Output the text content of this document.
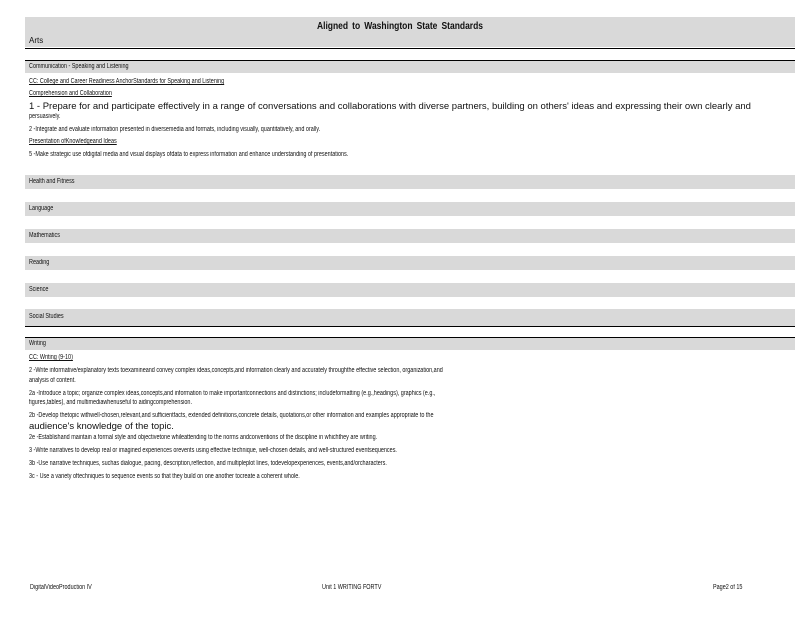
Aligned to Washington State Standards
Arts
Communication - Speaking and Listening
CC: College and Career Readiness AnchorStandards for Speaking and Listening
Comprehension and Collaboration
1 - Prepare for and participate effectively in a range of conversations and collaborations with diverse partners, building on others' ideas and expressing their own clearly and
persuasively.
2 -Integrate and evaluate information presented in diversemedia and formats, including visually, quantitatively, and orally.
Presentation ofKnowledgeand Ideas
5 -Make strategic use ofdigital media and visual displays ofdata to express information and enhance understanding of presentations.
Health and Fitness
Language
Mathematics
Reading
Science
Social Studies
Writing
CC: Writing (9-10)
2 -Write informative/explanatory texts toexamineand convey complex ideas,concepts,and information clearly and accurately throughthe effective selection, organization,and
analysis of content.
2a -Introduce a topic; organize complex ideas,concepts,and information to make importantconnections and distinctions; includeformatting (e.g.,headings), graphics (e.g.,
figures,tables), and multimediawhenuseful to aidingcomprehension.
2b -Develop thetopic withwell-chosen,relevant,and sufficientfacts, extended definitions,concrete details, quotations,or other information and examples appropriate to the
audience's knowledge of the topic.
2e -Establishand maintain a formal style and objectivetone whileattending to the norms andconventions of the discipline in whichthey are writing.
3 -Write narratives to develop real or imagined experiences orevents using effective technique, well-chosen details, and well-structured eventsequences.
3b -Use narrative techniques, suchas dialogue, pacing, description,reflection, and multipleplot lines, todevelopexperiences, events,and/orcharacters.
3c - Use a variety oftechniques to sequence events so that they build on one another tocreate a coherent whole.
DigitalVideoProduction IV	Unit 1 WRITING FORTV	Page2 of 15
